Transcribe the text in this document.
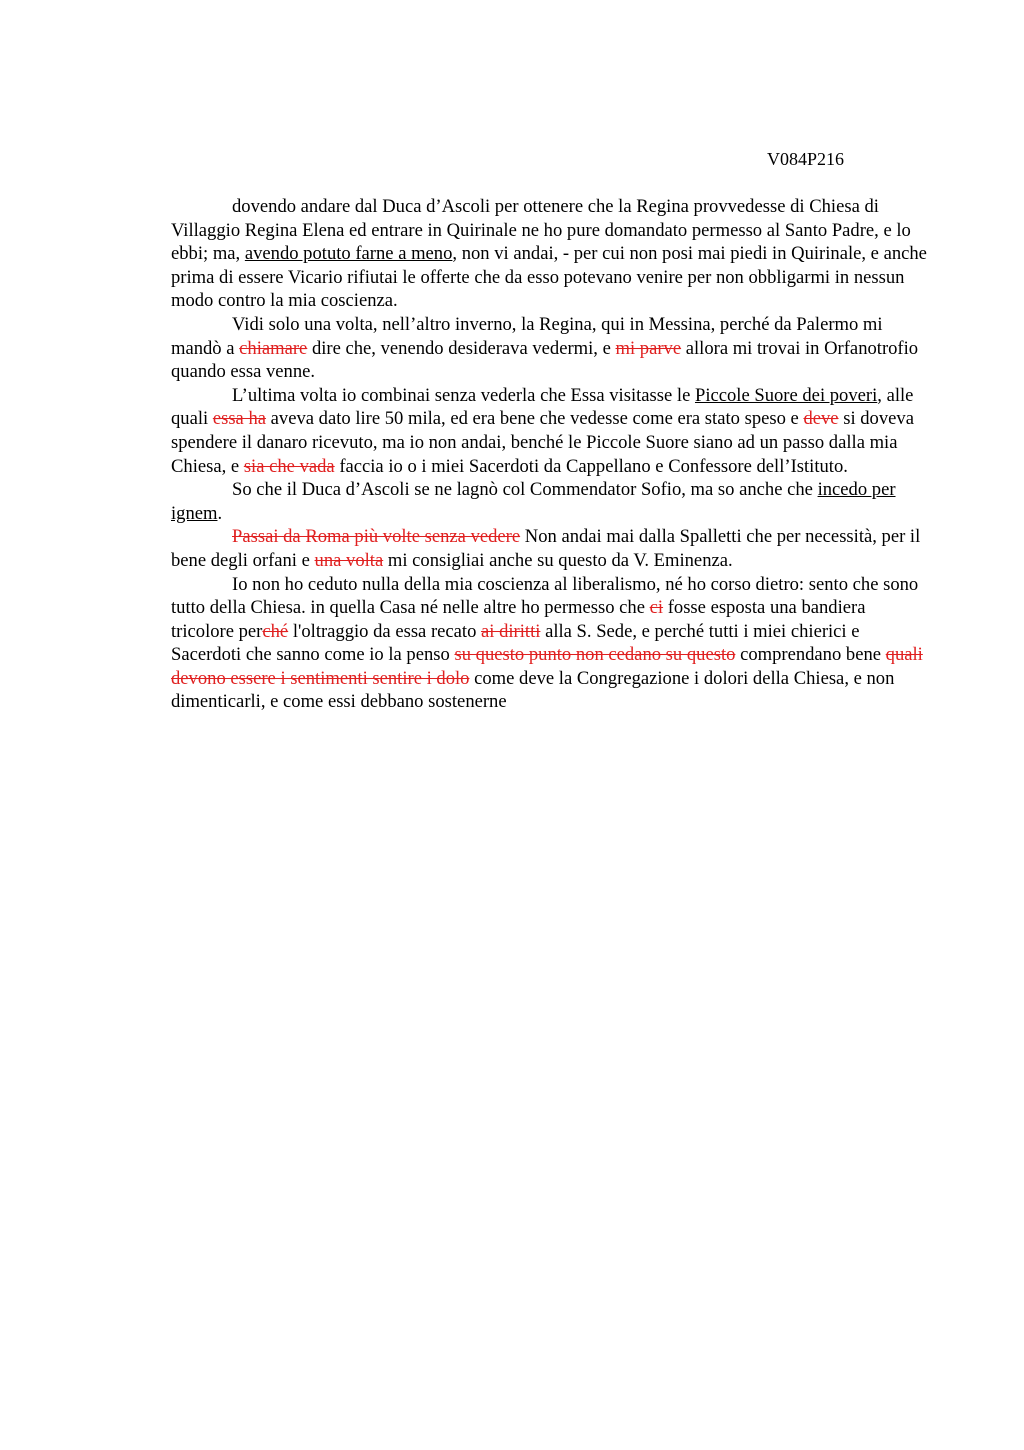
V084P216

dovendo andare dal Duca d’Ascoli per ottenere che la Regina provvedesse di Chiesa di Villaggio Regina Elena ed entrare in Quirinale ne ho pure domandato permesso al Santo Padre, e lo ebbi; ma, avendo potuto farne a meno, non vi andai, - per cui non posi mai piedi in Quirinale, e anche prima di essere Vicario rifiutai le offerte che da esso potevano venire per non obbligarmi in nessun modo contro la mia coscienza.

Vidi solo una volta, nell’altro inverno, la Regina, qui in Messina, perché da Palermo mi mandò a chiamare dire che, venendo desiderava vedermi, e mi parve allora mi trovai in Orfanotrofio quando essa venne.

L’ultima volta io combinai senza vederla che Essa visitasse le Piccole Suore dei poveri, alle quali essa ha aveva dato lire 50 mila, ed era bene che vedesse come era stato speso e deve si doveva spendere il danaro ricevuto, ma io non andai, benché le Piccole Suore siano ad un passo dalla mia Chiesa, e sia che vada faccia io o i miei Sacerdoti da Cappellano e Confessore dell’Istituto.

So che il Duca d’Ascoli se ne lagnò col Commendator Sofio, ma so anche che incedo per ignem.

Passai da Roma più volte senza vedere Non andai mai dalla Spalletti che per necessità, per il bene degli orfani e una volta mi consigliai anche su questo da V. Eminenza.

Io non ho ceduto nulla della mia coscienza al liberalismo, né ho corso dietro: sento che sono tutto della Chiesa. in quella Casa né nelle altre ho permesso che ci fosse esposta una bandiera tricolore perché l'oltraggio da essa recato ai diritti alla S. Sede, e perché tutti i miei chierici e Sacerdoti che sanno come io la penso su questo punto non cedano su questo comprendano bene quali devono essere i sentimenti sentire i dolo come deve la Congregazione i dolori della Chiesa, e non dimenticarli, e come essi debbano sostenerne
